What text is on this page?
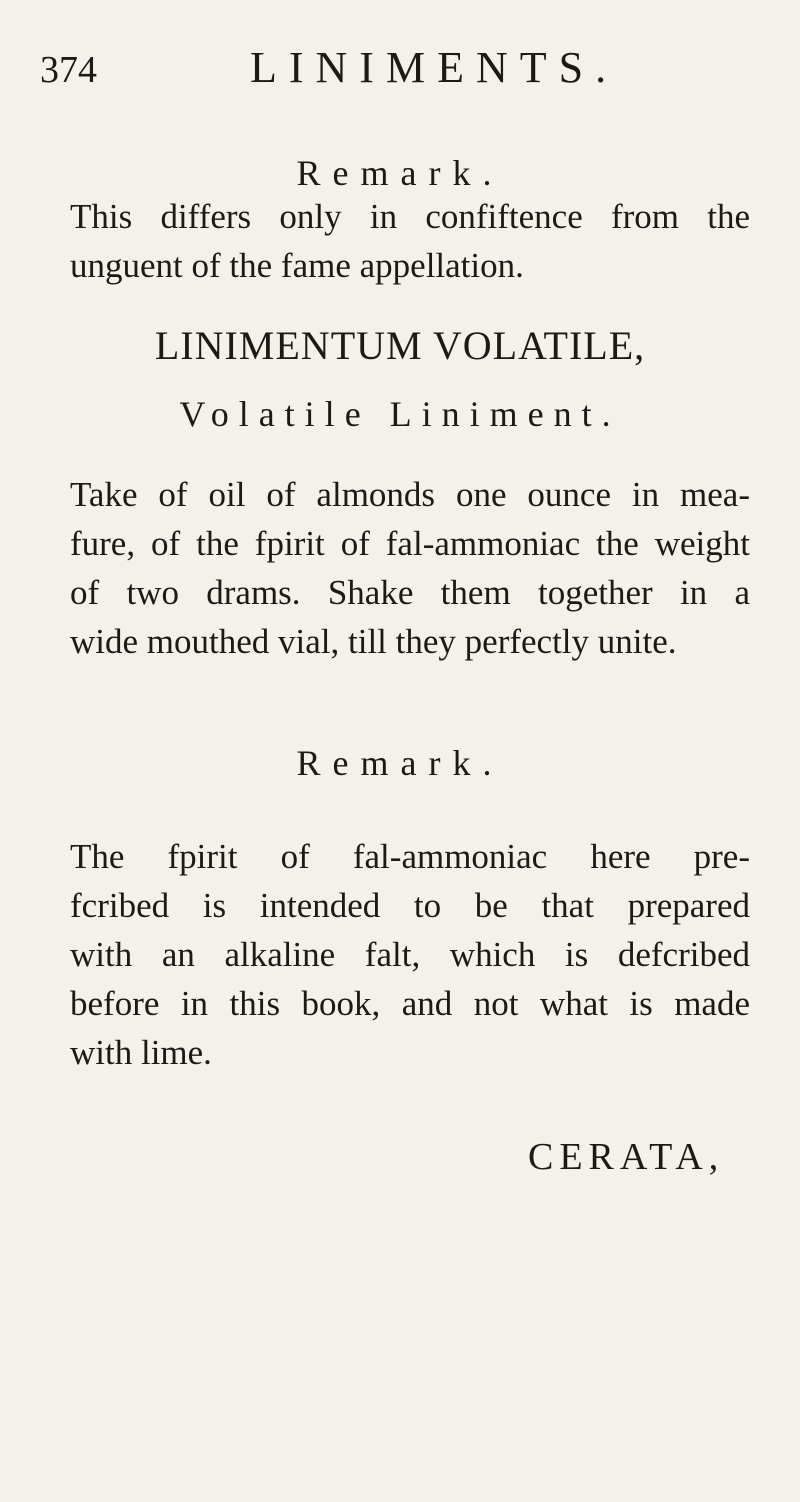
374	LINIMENTS.
Remark.
This differs only in confiftence from the
unguent of the fame appellation.
LINIMENTUM VOLATILE,
Volatile Liniment.
Take of oil of almonds one ounce in mea-
fure, of the fpirit of fal-ammoniac the weight
of two drams. Shake them together in a
wide mouthed vial, till they perfectly unite.
Remark.
The fpirit of fal-ammoniac here pre-
fcribed is intended to be that prepared
with an alkaline falt, which is defcribed
before in this book, and not what is made
with lime.
CERATA,
